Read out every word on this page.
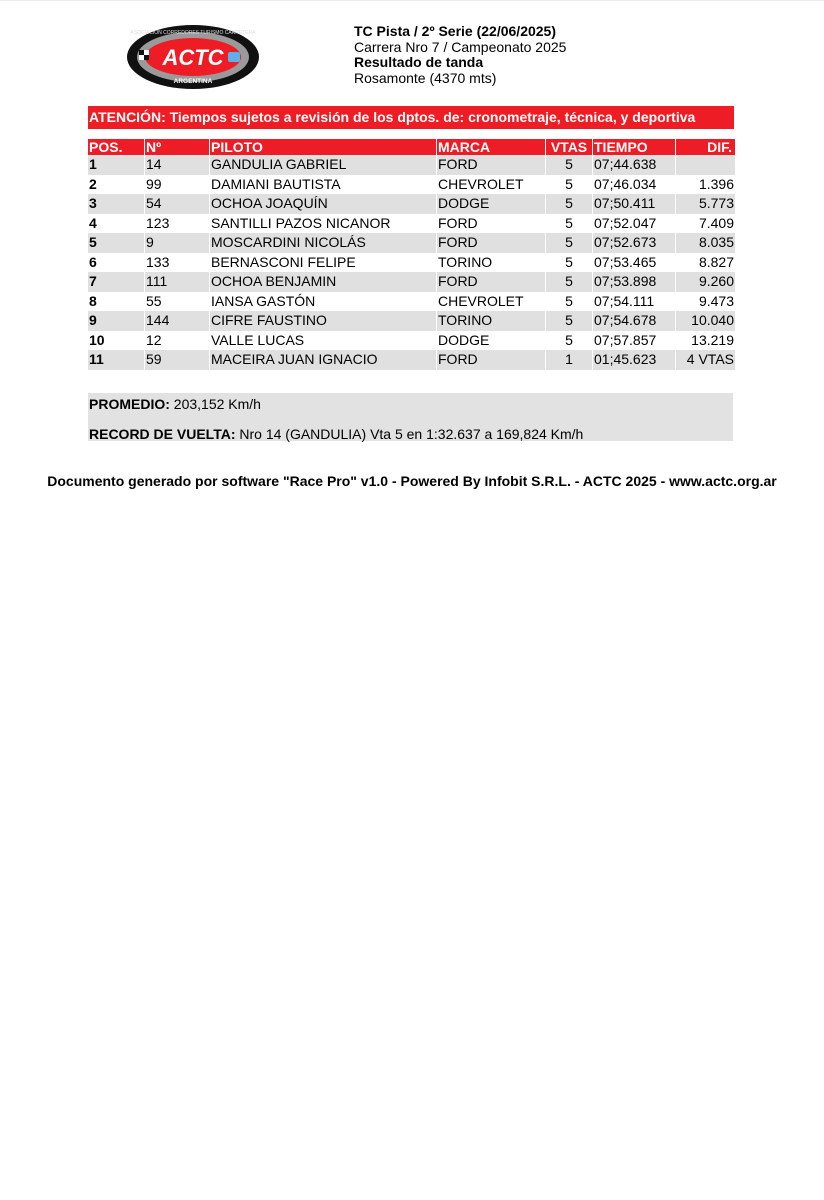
ACTC
ARGENTINA
ASOCIACION CORREDORES TURISMO CARRETERA	TC Pista / 2º Serie (22/06/2025)
Carrera Nro 7 / Campeonato 2025
Resultado de tanda
Rosamonte (4370 mts)
ATENCIÓN: Tiempos sujetos a revisión de los dptos. de: cronometraje, técnica, y deportiva
POS.	Nº	PILOTO	MARCA	VTAS	TIEMPO	DIF.
1	14	GANDULIA GABRIEL	FORD	5	07;44.638	
2	99	DAMIANI BAUTISTA	CHEVROLET	5	07;46.034	1.396
3	54	OCHOA JOAQUÍN	DODGE	5	07;50.411	5.773
4	123	SANTILLI PAZOS NICANOR	FORD	5	07;52.047	7.409
5	9	MOSCARDINI NICOLÁS	FORD	5	07;52.673	8.035
6	133	BERNASCONI FELIPE	TORINO	5	07;53.465	8.827
7	111	OCHOA BENJAMIN	FORD	5	07;53.898	9.260
8	55	IANSA GASTÓN	CHEVROLET	5	07;54.111	9.473
9	144	CIFRE FAUSTINO	TORINO	5	07;54.678	10.040
10	12	VALLE LUCAS	DODGE	5	07;57.857	13.219
11	59	MACEIRA JUAN IGNACIO	FORD	1	01;45.623	4 VTAS
PROMEDIO: 203,152 Km/h
RECORD DE VUELTA: Nro 14 (GANDULIA) Vta 5 en 1:32.637 a 169,824 Km/h
Documento generado por software "Race Pro" v1.0 - Powered By Infobit S.R.L. - ACTC 2025 - www.actc.org.ar
